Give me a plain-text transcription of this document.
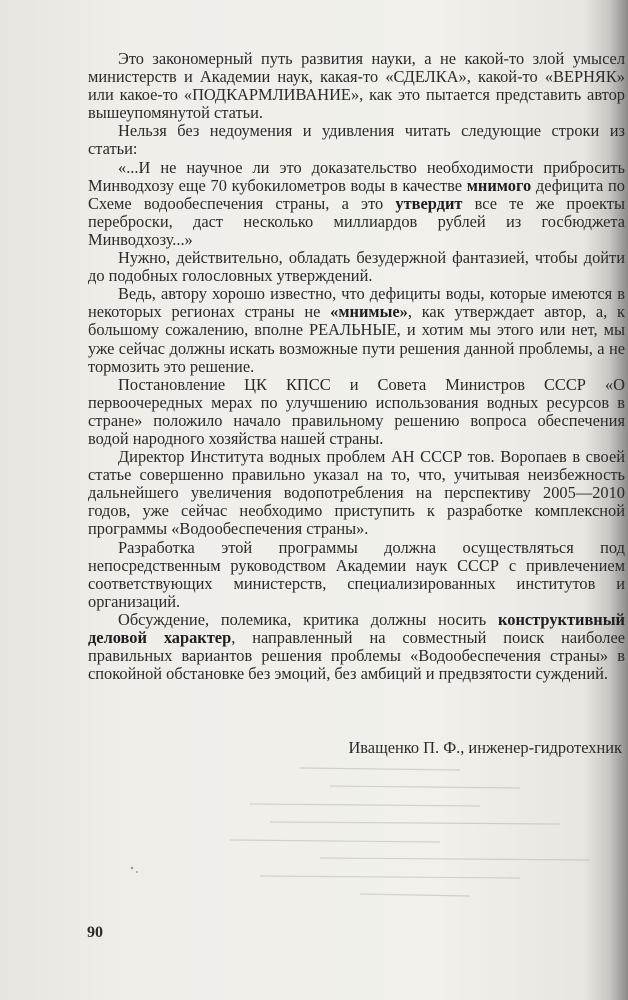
Это закономерный путь развития науки, а не какой-то злой умысел министерств и Академии наук, какая-то «СДЕЛКА», какой-то «ВЕРНЯК» или какое-то «ПОДКАРМЛИВАНИЕ», как это пытается представить автор вышеупомянутой статьи.

Нельзя без недоумения и удивления читать следующие строки из статьи:

«...И не научное ли это доказательство необходимости прибросить Минводхозу еще 70 кубокилометров воды в качестве мнимого дефицита по Схеме водообеспечения страны, а это утвердит все те же проекты переброски, даст несколько миллиардов рублей из госбюджета Минводхозу...»

Нужно, действительно, обладать безудержной фантазией, чтобы дойти до подобных голословных утверждений.

Ведь, автору хорошо известно, что дефициты воды, которые имеются в некоторых регионах страны не «мнимые», как утверждает автор, а, к большому сожалению, вполне РЕАЛЬНЫЕ, и хотим мы этого или нет, мы уже сейчас должны искать возможные пути решения данной проблемы, а не тормозить это решение.

Постановление ЦК КПСС и Совета Министров СССР «О первоочередных мерах по улучшению использования водных ресурсов в стране» положило начало правильному решению вопроса обеспечения водой народного хозяйства нашей страны.

Директор Института водных проблем АН СССР тов. Воропаев в своей статье совершенно правильно указал на то, что, учитывая неизбежность дальнейшего увеличения водопотребления на перспективу 2005—2010 годов, уже сейчас необходимо приступить к разработке комплексной программы «Водообеспечения страны».

Разработка этой программы должна осуществляться под непосредственным руководством Академии наук СССР с привлечением соответствующих министерств, специализированных институтов и организаций.

Обсуждение, полемика, критика должны носить конструктивный деловой характер, направленный на совместный поиск наиболее правильных вариантов решения проблемы «Водообеспечения страны» в спокойной обстановке без эмоций, без амбиций и предвзятости суждений.

Иващенко П. Ф., инженер-гидротехник
90
